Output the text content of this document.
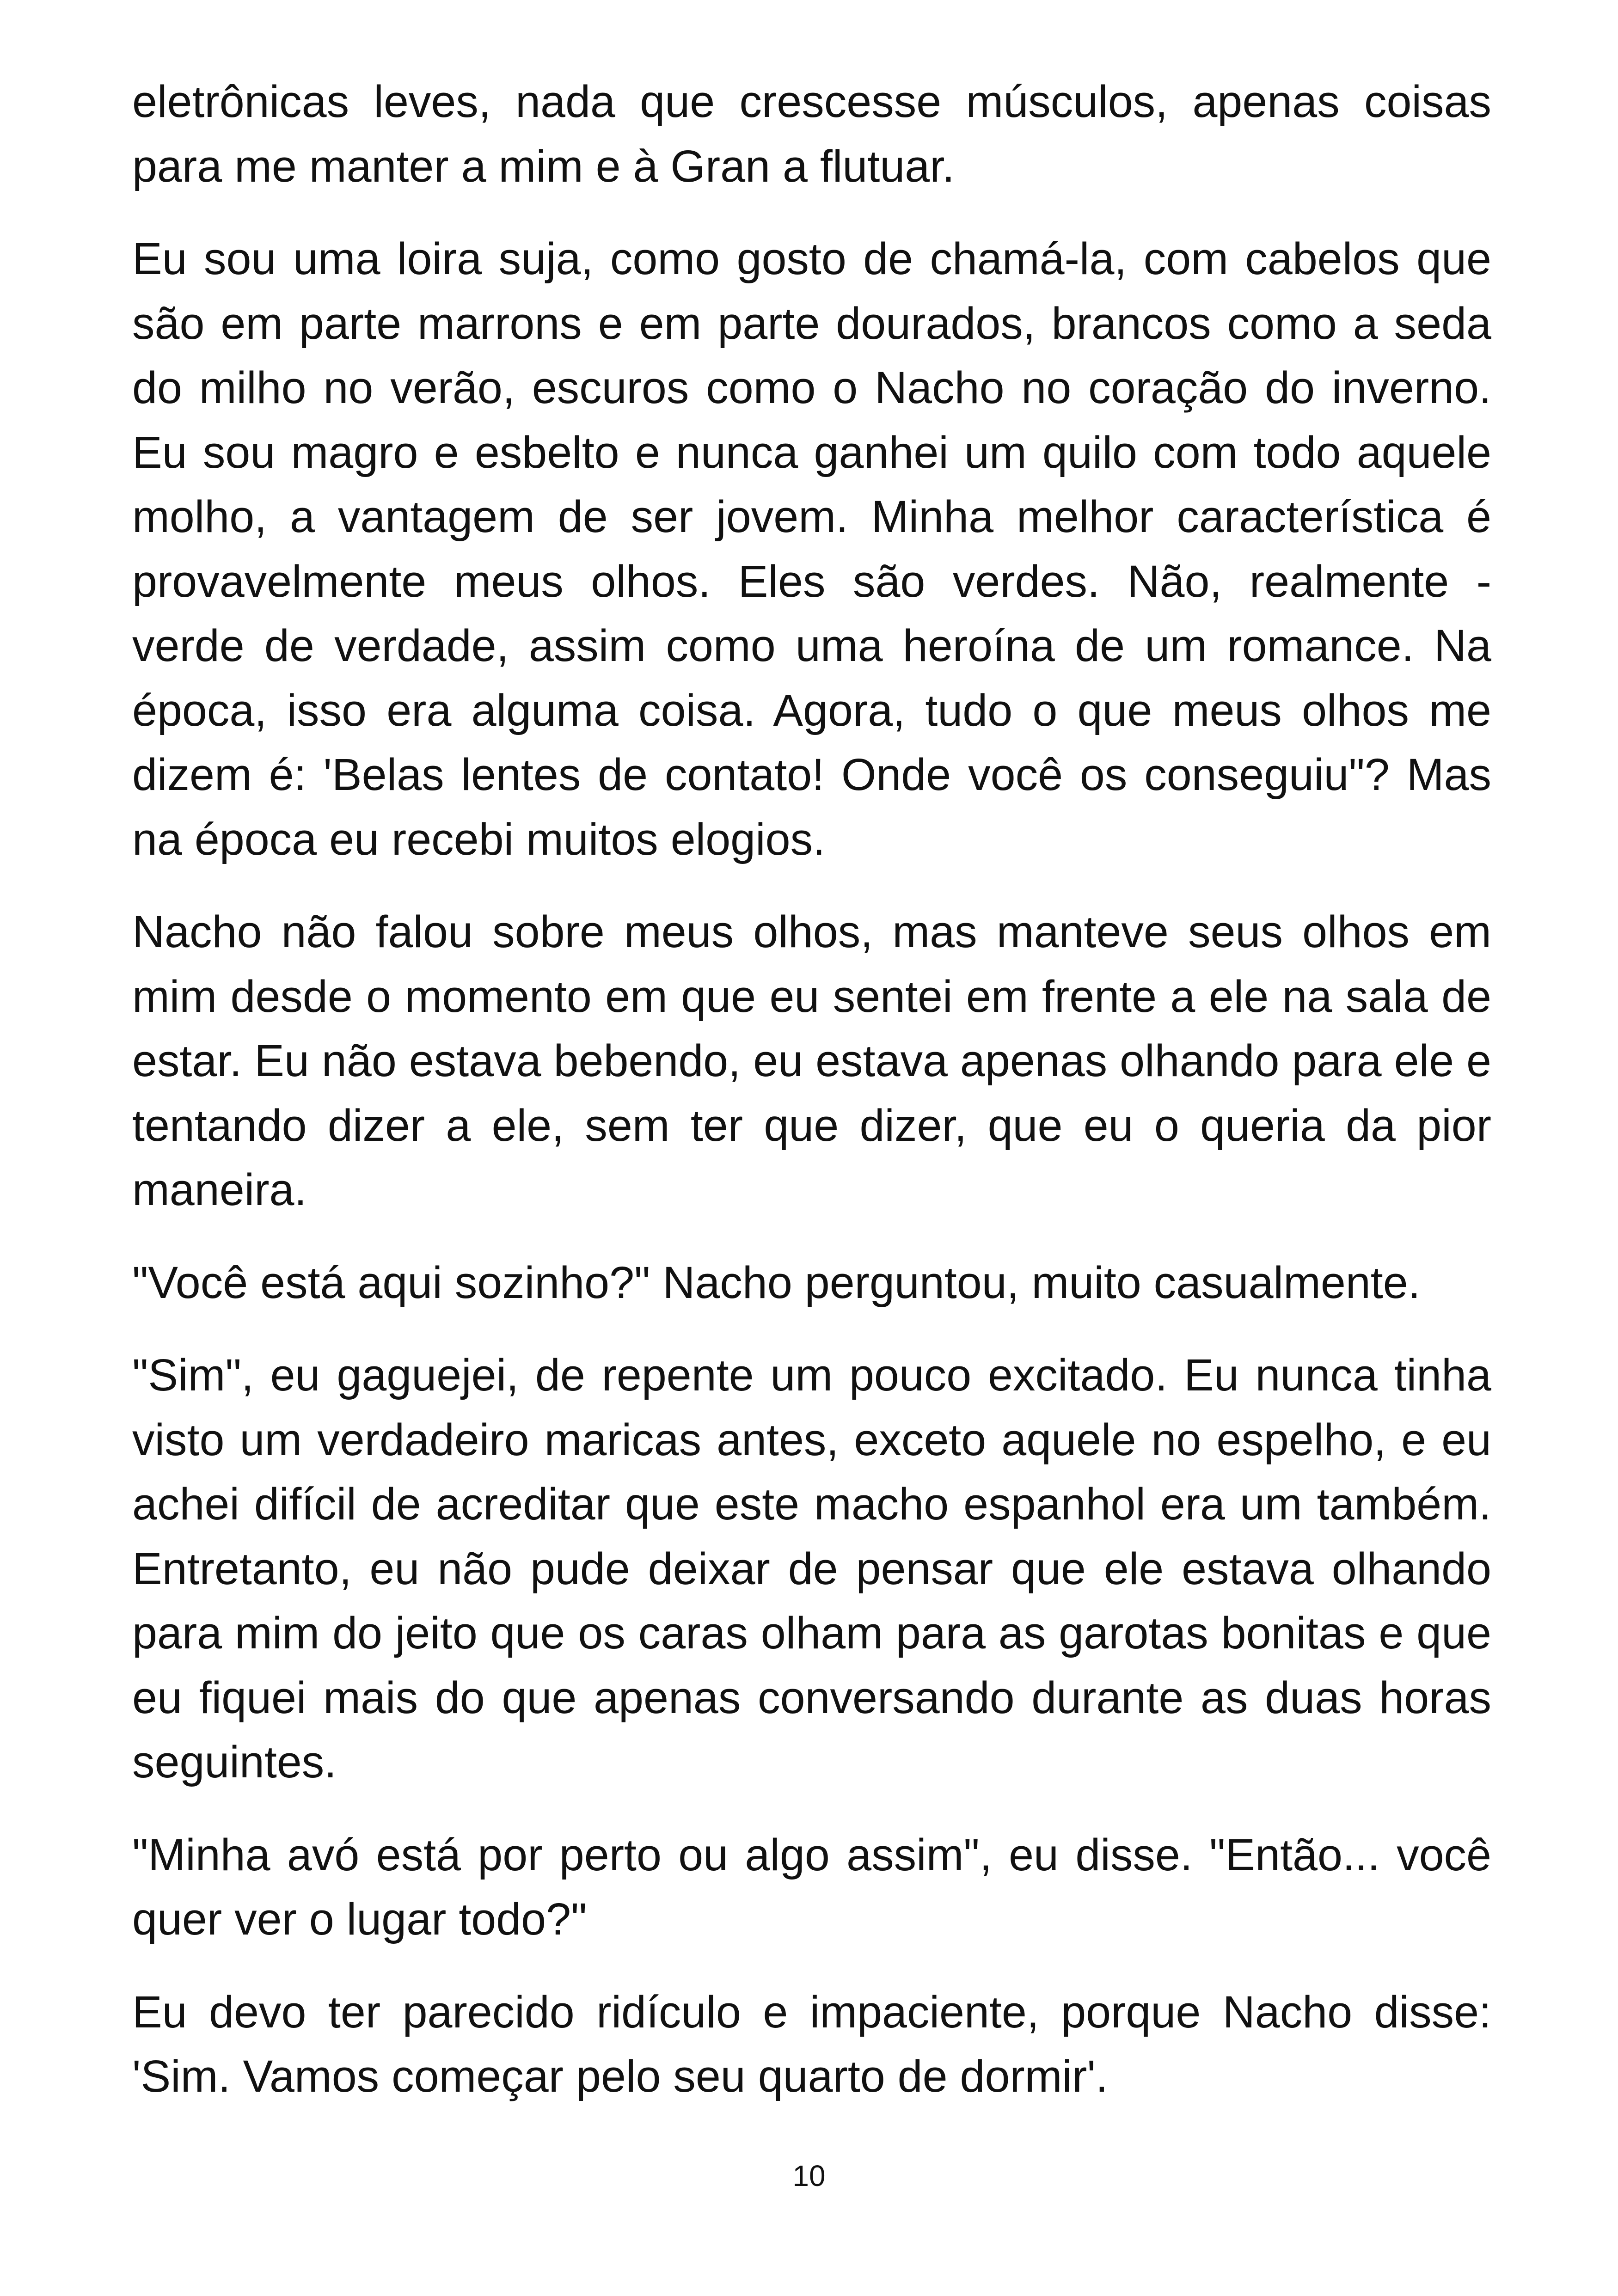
eletrônicas leves, nada que crescesse músculos, apenas coisas para me manter a mim e à Gran a flutuar.

Eu sou uma loira suja, como gosto de chamá-la, com cabelos que são em parte marrons e em parte dourados, brancos como a seda do milho no verão, escuros como o Nacho no coração do inverno. Eu sou magro e esbelto e nunca ganhei um quilo com todo aquele molho, a vantagem de ser jovem. Minha melhor característica é provavelmente meus olhos. Eles são verdes. Não, realmente - verde de verdade, assim como uma heroína de um romance. Na época, isso era alguma coisa. Agora, tudo o que meus olhos me dizem é: 'Belas lentes de contato! Onde você os conseguiu"? Mas na época eu recebi muitos elogios.

Nacho não falou sobre meus olhos, mas manteve seus olhos em mim desde o momento em que eu sentei em frente a ele na sala de estar. Eu não estava bebendo, eu estava apenas olhando para ele e tentando dizer a ele, sem ter que dizer, que eu o queria da pior maneira.

"Você está aqui sozinho?" Nacho perguntou, muito casualmente.

"Sim", eu gaguejei, de repente um pouco excitado. Eu nunca tinha visto um verdadeiro maricas antes, exceto aquele no espelho, e eu achei difícil de acreditar que este macho espanhol era um também. Entretanto, eu não pude deixar de pensar que ele estava olhando para mim do jeito que os caras olham para as garotas bonitas e que eu fiquei mais do que apenas conversando durante as duas horas seguintes.

"Minha avó está por perto ou algo assim", eu disse. "Então... você quer ver o lugar todo?"

Eu devo ter parecido ridículo e impaciente, porque Nacho disse: 'Sim. Vamos começar pelo seu quarto de dormir'.

10
